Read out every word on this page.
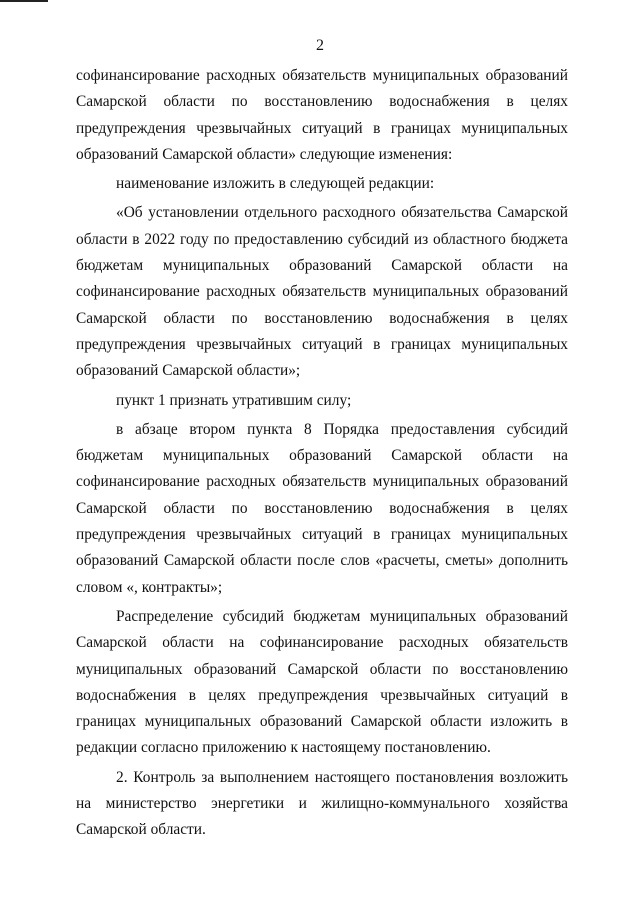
2

софинансирование расходных обязательств муниципальных образований Самарской области по восстановлению водоснабжения в целях предупреждения чрезвычайных ситуаций в границах муниципальных образований Самарской области» следующие изменения:

наименование изложить в следующей редакции:

«Об установлении отдельного расходного обязательства Самарской области в 2022 году по предоставлению субсидий из областного бюджета бюджетам муниципальных образований Самарской области на софинансирование расходных обязательств муниципальных образований Самарской области по восстановлению водоснабжения в целях предупреждения чрезвычайных ситуаций в границах муниципальных образований Самарской области»;

пункт 1 признать утратившим силу;

в абзаце втором пункта 8 Порядка предоставления субсидий бюджетам муниципальных образований Самарской области на софинансирование расходных обязательств муниципальных образований Самарской области по восстановлению водоснабжения в целях предупреждения чрезвычайных ситуаций в границах муниципальных образований Самарской области после слов «расчеты, сметы» дополнить словом «, контракты»;

Распределение субсидий бюджетам муниципальных образований Самарской области на софинансирование расходных обязательств муниципальных образований Самарской области по восстановлению водоснабжения в целях предупреждения чрезвычайных ситуаций в границах муниципальных образований Самарской области изложить в редакции согласно приложению к настоящему постановлению.

2. Контроль за выполнением настоящего постановления возложить на министерство энергетики и жилищно-коммунального хозяйства Самарской области.
